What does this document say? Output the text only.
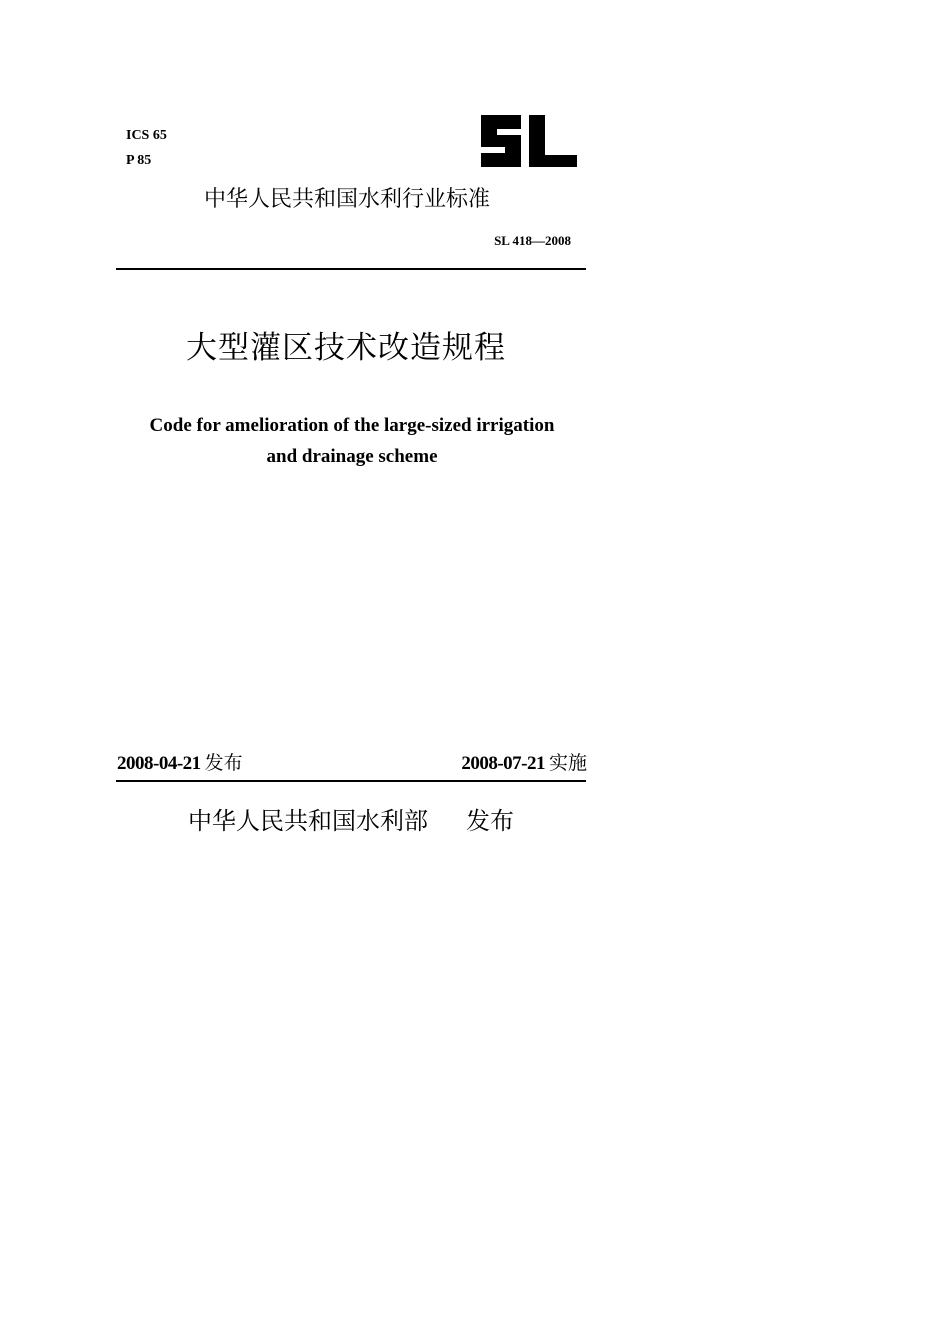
ICS 65
P 85
中华人民共和国水利行业标准
SL 418—2008
大型灌区技术改造规程
Code for amelioration of the large-sized irrigation
and drainage scheme
2008-04-21 发布	2008-07-21 实施
中华人民共和国水利部 发布
